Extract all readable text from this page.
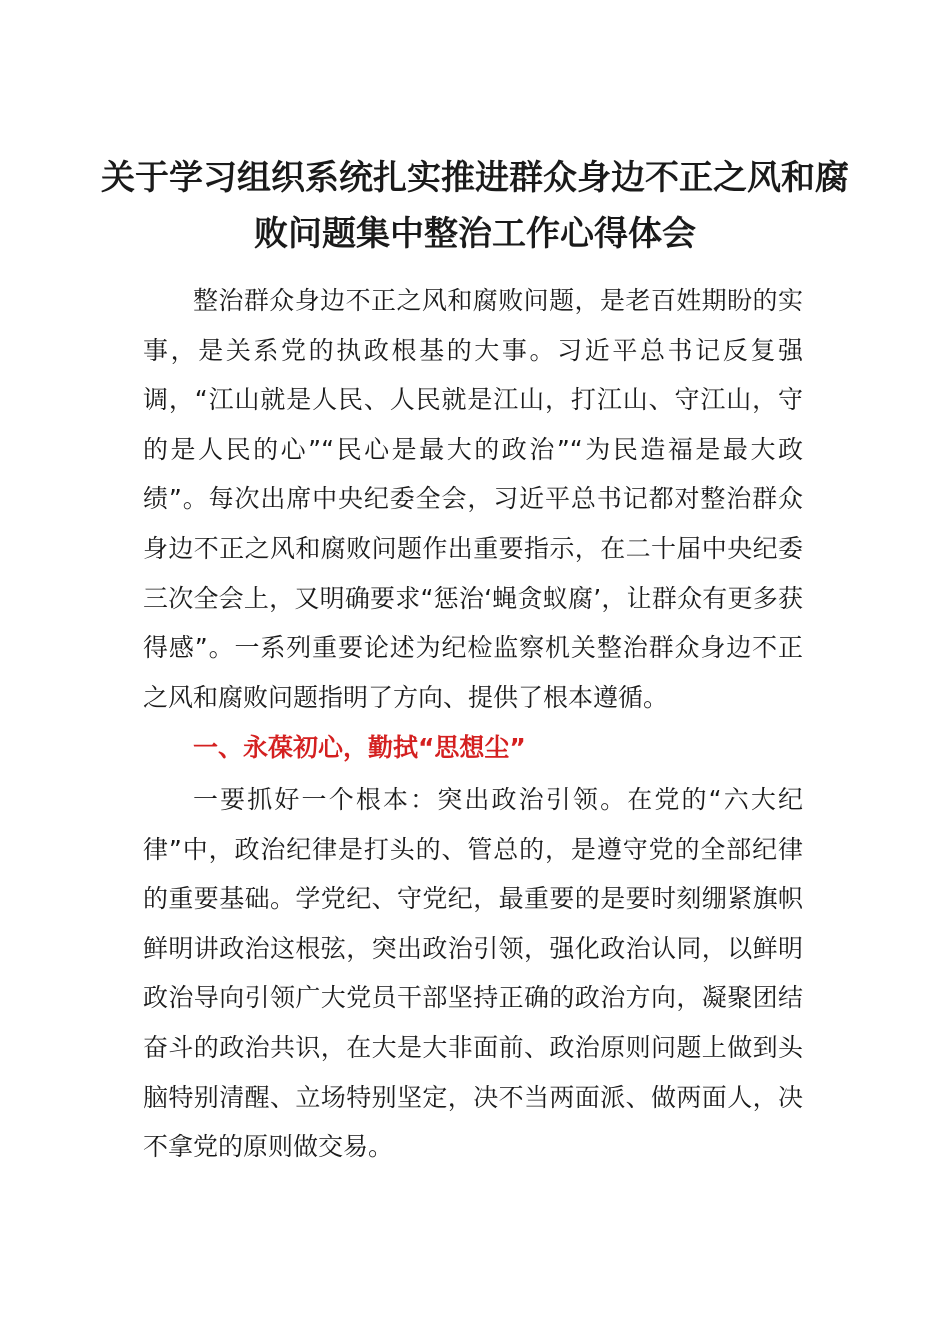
关于学习组织系统扎实推进群众身边不正之风和腐败问题集中整治工作心得体会

整治群众身边不正之风和腐败问题，是老百姓期盼的实事，是关系党的执政根基的大事。习近平总书记反复强调，“江山就是人民、人民就是江山，打江山、守江山，守的是人民的心”“民心是最大的政治”“为民造福是最大政绩”。每次出席中央纪委全会，习近平总书记都对整治群众身边不正之风和腐败问题作出重要指示，在二十届中央纪委三次全会上，又明确要求“惩治‘蝇贪蚁腐’，让群众有更多获得感”。一系列重要论述为纪检监察机关整治群众身边不正之风和腐败问题指明了方向、提供了根本遵循。

一、永葆初心，勤拭“思想尘”

一要抓好一个根本：突出政治引领。在党的“六大纪律”中，政治纪律是打头的、管总的，是遵守党的全部纪律的重要基础。学党纪、守党纪，最重要的是要时刻绷紧旗帜鲜明讲政治这根弦，突出政治引领，强化政治认同，以鲜明政治导向引领广大党员干部坚持正确的政治方向，凝聚团结奋斗的政治共识，在大是大非面前、政治原则问题上做到头脑特别清醒、立场特别坚定，决不当两面派、做两面人，决不拿党的原则做交易。
